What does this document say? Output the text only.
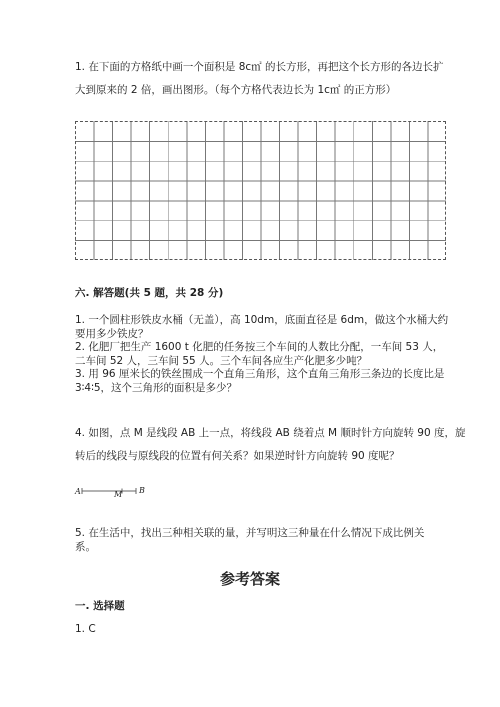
1. 在下面的方格纸中画一个面积是 8c㎡ 的长方形，再把这个长方形的各边长扩
大到原来的 2 倍，画出图形。（每个方格代表边长为 1c㎡ 的正方形）
六. 解答题(共 5 题，共 28 分)
1. 一个圆柱形铁皮水桶（无盖），高 10dm，底面直径是 6dm，做这个水桶大约
要用多少铁皮？
2. 化肥厂把生产 1600 t 化肥的任务按三个车间的人数比分配，一车间 53 人，
二车间 52 人，三车间 55 人。三个车间各应生产化肥多少吨？
3. 用 96 厘米长的铁丝围成一个直角三角形，这个直角三角形三条边的长度比是
3∶4∶5，这个三角形的面积是多少？
4. 如图，点 M 是线段 AB 上一点，将线段 AB 绕着点 M 顺时针方向旋转 90 度，旋
转后的线段与原线段的位置有何关系？如果逆时针方向旋转 90 度呢？
A	M B
5. 在生活中，找出三种相关联的量，并写明这三种量在什么情况下成比例关
系。
参考答案
一. 选择题
1. C
